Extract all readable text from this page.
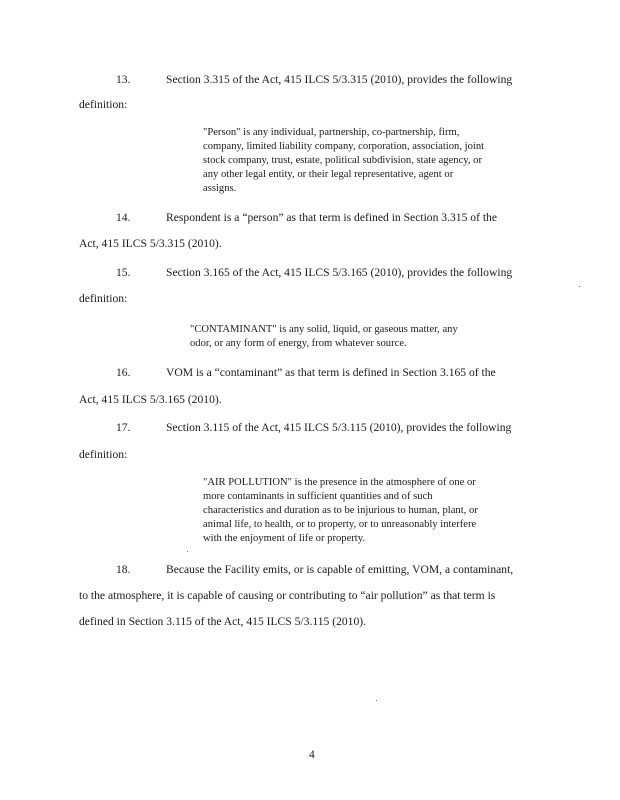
13.	Section 3.315 of the Act, 415 ILCS 5/3.315 (2010), provides the following
definition:
"Person" is any individual, partnership, co-partnership, firm,
company, limited liability company, corporation, association, joint
stock company, trust, estate, political subdivision, state agency, or
any other legal entity, or their legal representative, agent or
assigns.
14.	Respondent is a “person” as that term is defined in Section 3.315 of the
Act, 415 ILCS 5/3.315 (2010).
15.	Section 3.165 of the Act, 415 ILCS 5/3.165 (2010), provides the following
definition:
"CONTAMINANT" is any solid, liquid, or gaseous matter, any
odor, or any form of energy, from whatever source.
16.	VOM is a “contaminant” as that term is defined in Section 3.165 of the
Act, 415 ILCS 5/3.165 (2010).
17.	Section 3.115 of the Act, 415 ILCS 5/3.115 (2010), provides the following
definition:
"AIR POLLUTION" is the presence in the atmosphere of one or
more contaminants in sufficient quantities and of such
characteristics and duration as to be injurious to human, plant, or
animal life, to health, or to property, or to unreasonably interfere
with the enjoyment of life or property.
18.	Because the Facility emits, or is capable of emitting, VOM, a contaminant,
to the atmosphere, it is capable of causing or contributing to “air pollution” as that term is
defined in Section 3.115 of the Act, 415 ILCS 5/3.115 (2010).
4
